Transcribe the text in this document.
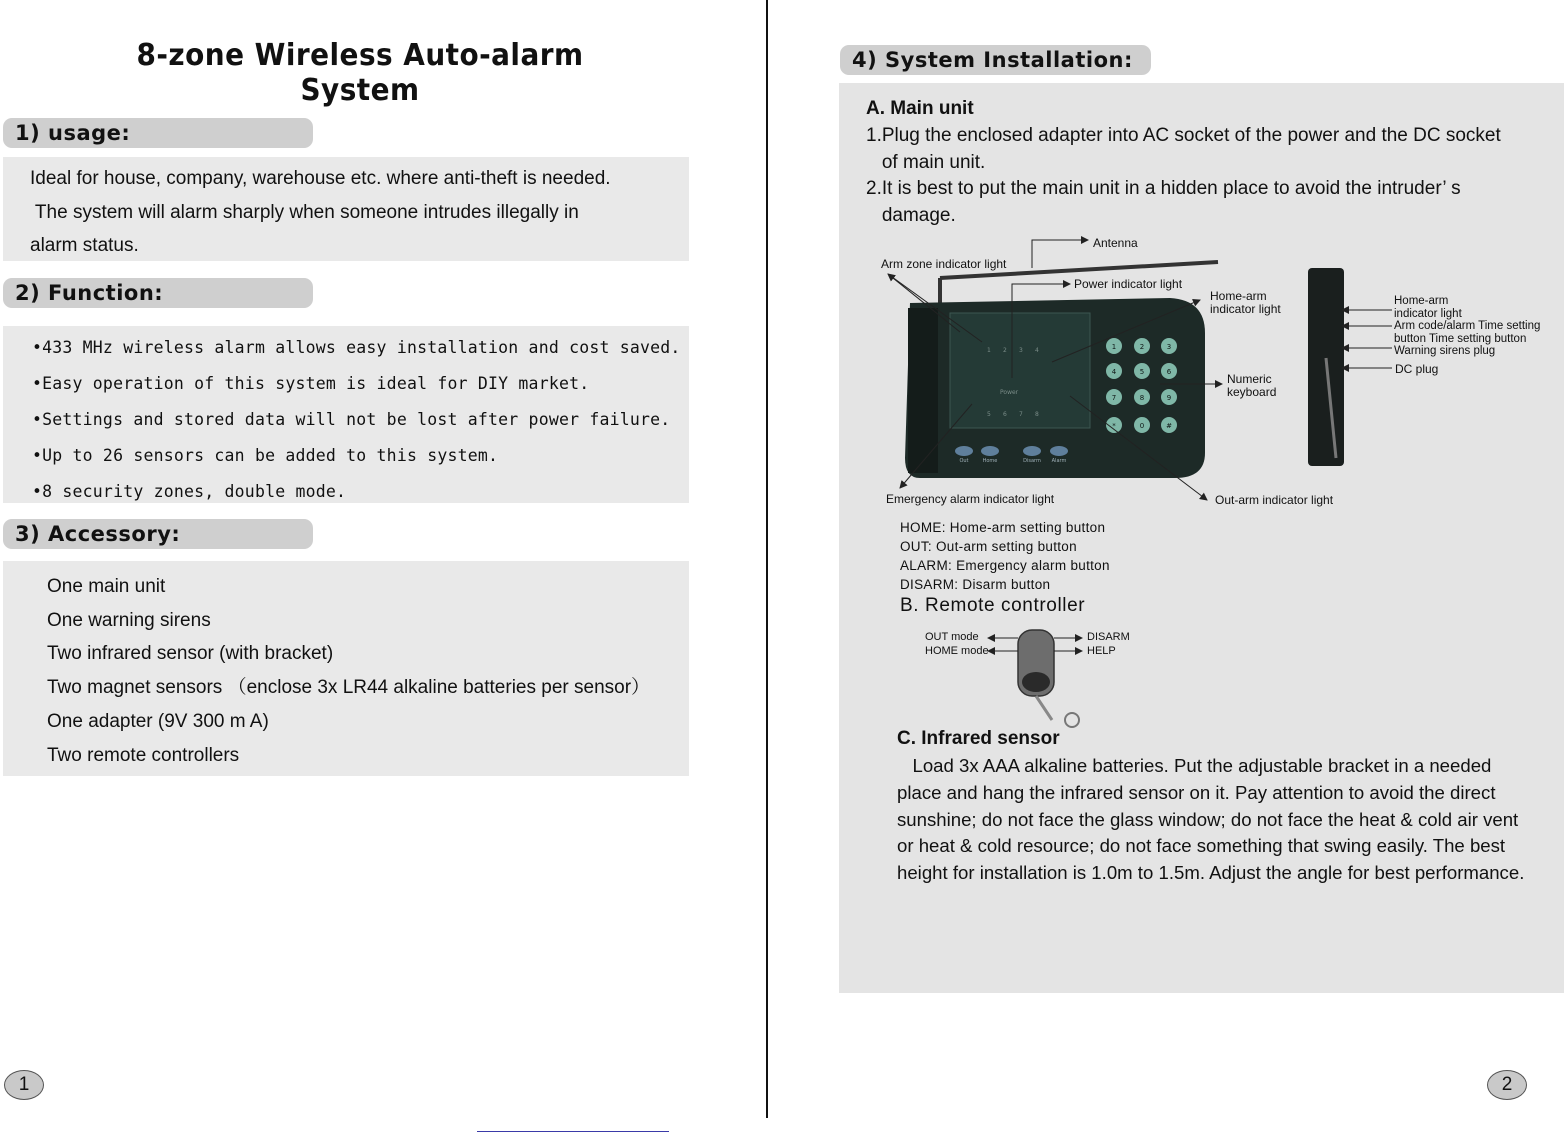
8-zone Wireless Auto-alarm System
1) usage:
Ideal for house, company, warehouse etc. where anti-theft is needed.
The system will alarm sharply when someone intrudes illegally in
alarm status.
2) Function:
•433 MHz wireless alarm allows easy installation and cost saved.
•Easy operation of this system is ideal for DIY market.
•Settings and stored data will not be lost after power failure.
•Up to 26 sensors can be added to this system.
•8 security zones, double mode.
3) Accessory:
One main unit
One warning sirens
Two infrared sensor (with bracket)
Two magnet sensors （enclose 3x LR44 alkaline batteries per sensor）
One adapter (9V 300 m A)
Two remote controllers
1
4) System Installation:
A. Main unit
1.Plug the enclosed adapter into AC socket of the power and the DC socket
of main unit.
2.It is best to put the main unit in a hidden place to avoid the intruder’ s
damage.
1 2 3 4
5 6 7 8
Power
1	2	3
4	5	6
7	8	9
*	0	#
Out	Home	Disarm Alarm
Antenna
Arm zone indicator light
Power indicator light
Home-arm
indicator light
Numeric
keyboard
Emergency alarm indicator light	Out-arm indicator light
Home-arm
indicator light
Arm code/alarm Time setting
button Time setting button
Warning sirens plug
DC plug
HOME: Home-arm setting button
OUT: Out-arm setting button
ALARM: Emergency alarm button
DISARM: Disarm button
B. Remote controller
OUT mode
HOME mode
DISARM
HELP
C. Infrared sensor
Load 3x AAA alkaline batteries. Put the adjustable bracket in a needed
place and hang the infrared sensor on it. Pay attention to avoid the direct
sunshine; do not face the glass window; do not face the heat & cold air vent
or heat & cold resource; do not face something that swing easily. The best
height for installation is 1.0m to 1.5m. Adjust the angle for best performance.
2
